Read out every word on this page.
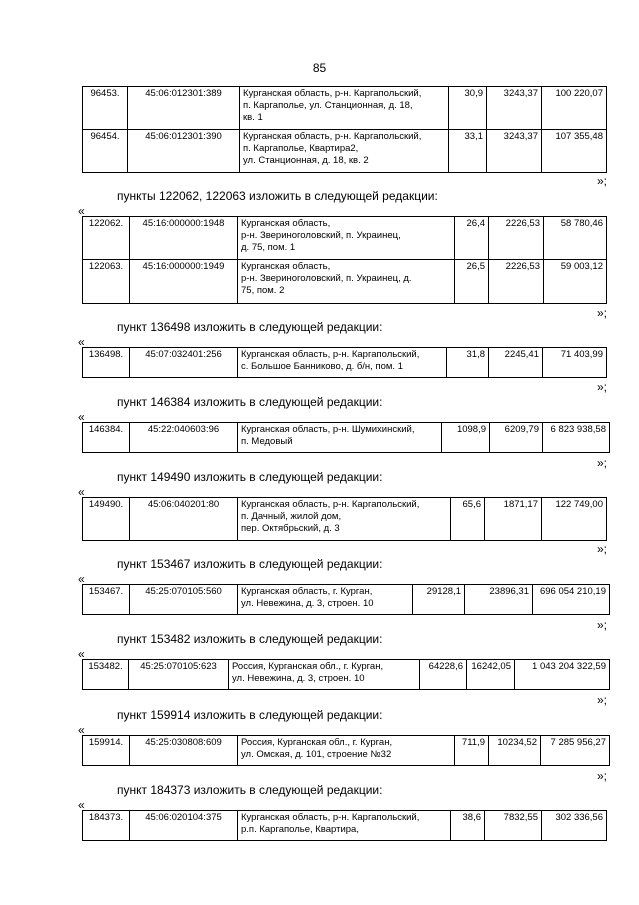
85
96453.	45:06:012301:389	Курганская область, р-н. Каргапольский,
п. Каргаполье, ул. Станционная, д. 18,
кв. 1	30,9	3243,37	100 220,07
96454.	45:06:012301:390	Курганская область, р-н. Каргапольский,
п. Каргаполье, Квартира2,
ул. Станционная, д. 18, кв. 2	33,1	3243,37	107 355,48
»;
пункты 122062, 122063 изложить в следующей редакции:
«
122062.	45:16:000000:1948	Курганская область,
р-н. Звериноголовский, п. Украинец,
д. 75, пом. 1	26,4	2226,53	58 780,46
122063.	45:16:000000:1949	Курганская область,
р-н. Звериноголовский, п. Украинец, д.
75, пом. 2	26,5	2226,53	59 003,12
»;
пункт 136498 изложить в следующей редакции:
«
136498.	45:07:032401:256	Курганская область, р-н. Каргапольский,
с. Большое Банниково, д. б/н, пом. 1
	31,8	2245,41	71 403,99
»;
пункт 146384 изложить в следующей редакции:
«
146384.	45:22:040603:96	Курганская область, р-н. Шумихинский,
п. Медовый
	1098,9	6209,79	6 823 938,58
»;
пункт 149490 изложить в следующей редакции:
«
149490.	45:06:040201:80	Курганская область, р-н. Каргапольский,
п. Дачный, жилой дом,
пер. Октябрьский, д. 3
	65,6	1871,17	122 749,00
»;
пункт 153467 изложить в следующей редакции:
«
153467.	45:25:070105:560	Курганская область, г. Курган,
ул. Невежина, д. 3, строен. 10
	29128,1	23896,31	696 054 210,19
»;
пункт 153482 изложить в следующей редакции:
«
153482.	45:25:070105:623	Россия, Курганская обл., г. Курган,
ул. Невежина, д. 3, строен. 10
	64228,6	16242,05	1 043 204 322,59
»;
пункт 159914 изложить в следующей редакции:
«
159914.	45:25:030808:609	Россия, Курганская обл., г. Курган,
ул. Омская, д. 101, строение №32
	711,9	10234,52	7 285 956,27
»;
пункт 184373 изложить в следующей редакции:
«
184373.	45:06:020104:375	Курганская область, р-н. Каргапольский,
р.п. Каргаполье, Квартира,
	38,6	7832,55	302 336,56
